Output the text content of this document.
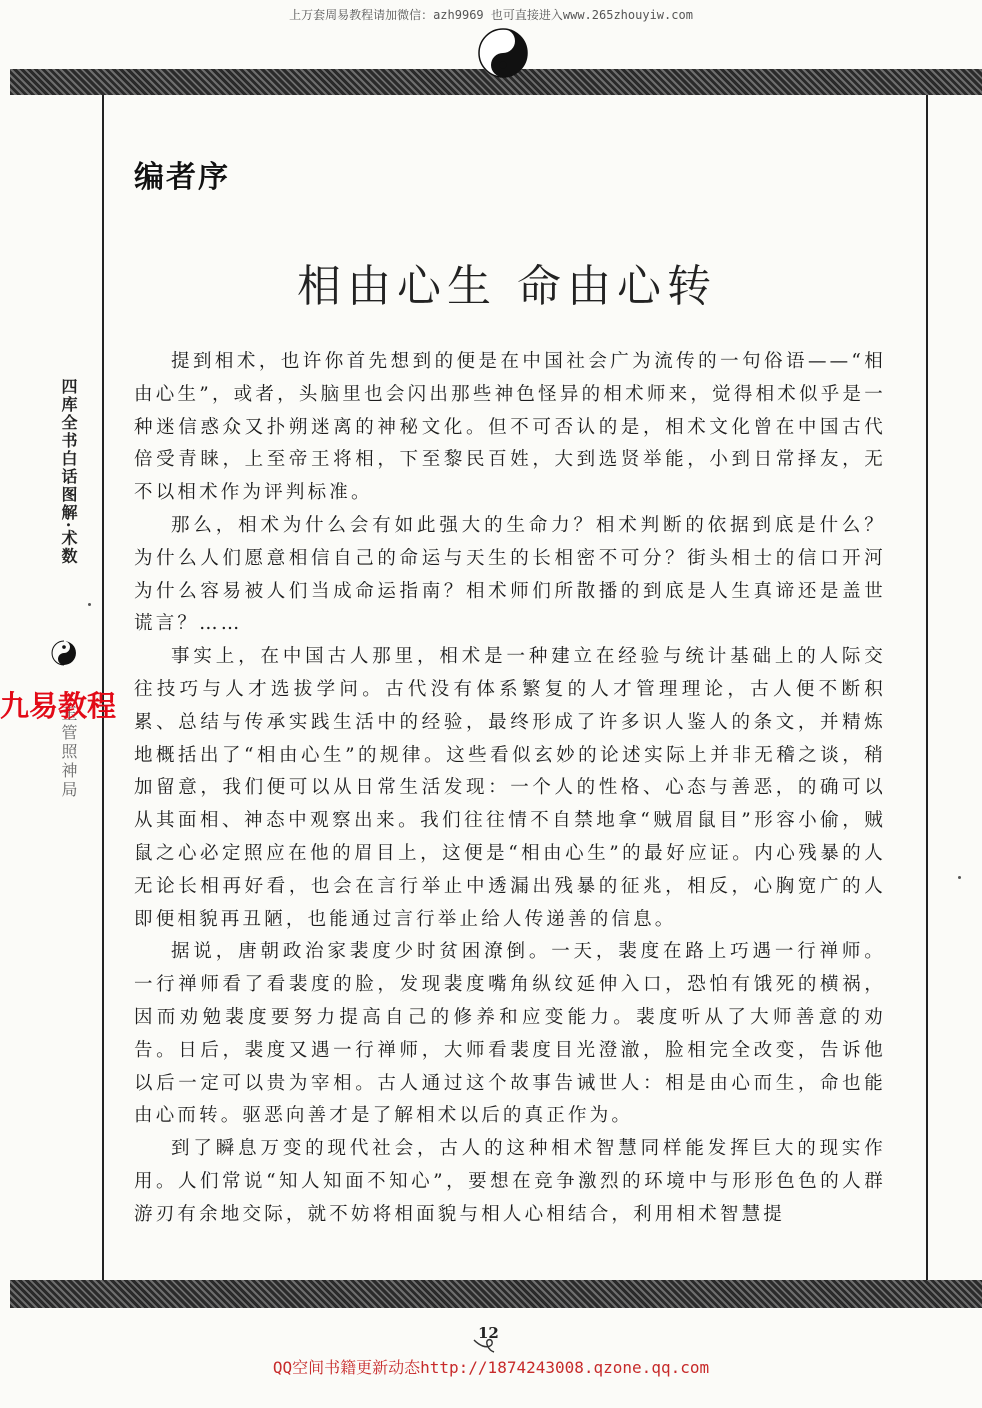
上万套周易教程请加微信：azh9969 也可直接进入www.265zhouyiw.com
编者序
相由心生 命由心转

提到相术，也许你首先想到的便是在中国社会广为流传的一句俗语——“相由心生”，或者，头脑里也会闪出那些神色怪异的相术师来，觉得相术似乎是一种迷信惑众又扑朔迷离的神秘文化。但不可否认的是，相术文化曾在中国古代倍受青睐，上至帝王将相，下至黎民百姓，大到选贤举能，小到日常择友，无不以相术作为评判标准。

那么，相术为什么会有如此强大的生命力？相术判断的依据到底是什么？为什么人们愿意相信自己的命运与天生的长相密不可分？街头相士的信口开河为什么容易被人们当成命运指南？相术师们所散播的到底是人生真谛还是盖世谎言？……

事实上，在中国古人那里，相术是一种建立在经验与统计基础上的人际交往技巧与人才选拔学问。古代没有体系繁复的人才管理理论，古人便不断积累、总结与传承实践生活中的经验，最终形成了许多识人鉴人的条文，并精炼地概括出了“相由心生”的规律。这些看似玄妙的论述实际上并非无稽之谈，稍加留意，我们便可以从日常生活发现：一个人的性格、心态与善恶，的确可以从其面相、神态中观察出来。我们往往情不自禁地拿“贼眉鼠目”形容小偷，贼鼠之心必定照应在他的眉目上，这便是“相由心生”的最好应证。内心残暴的人无论长相再好看，也会在言行举止中透漏出残暴的征兆，相反，心胸宽广的人即便相貌再丑陋，也能通过言行举止给人传递善的信息。

据说，唐朝政治家裴度少时贫困潦倒。一天，裴度在路上巧遇一行禅师。一行禅师看了看裴度的脸，发现裴度嘴角纵纹延伸入口，恐怕有饿死的横祸，因而劝勉裴度要努力提高自己的修养和应变能力。裴度听从了大师善意的劝告。日后，裴度又遇一行禅师，大师看裴度目光澄澈，脸相完全改变，告诉他以后一定可以贵为宰相。古人通过这个故事告诫世人：相是由心而生，命也能由心而转。驱恶向善才是了解相术以后的真正作为。

到了瞬息万变的现代社会，古人的这种相术智慧同样能发挥巨大的现实作用。人们常说“知人知面不知心”，要想在竞争激烈的环境中与形形色色的人群游刃有余地交际，就不妨将相面貌与相人心相结合，利用相术智慧提

四库全书白话图解·术数
玉管照神局
九易教程
12
QQ空间书籍更新动态http://1874243008.qzone.qq.com
